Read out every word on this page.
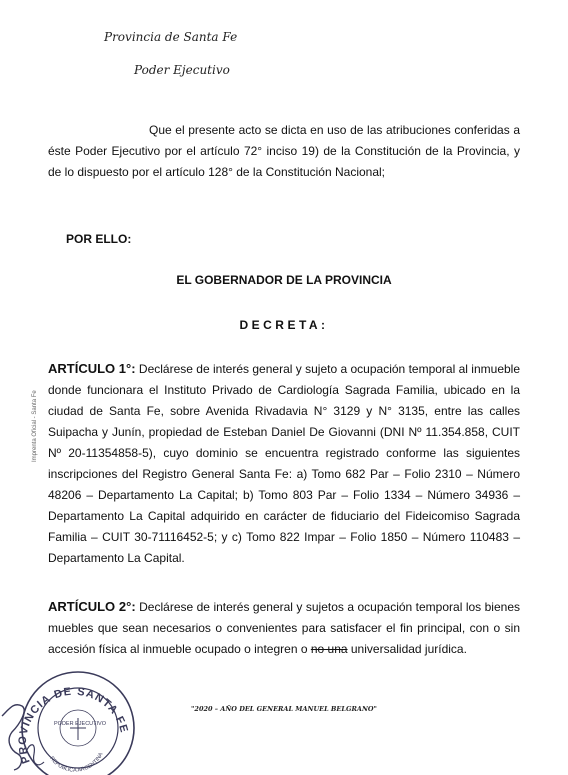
Provincia de Santa Fe
Poder Ejecutivo

Que el presente acto se dicta en uso de las atribuciones conferidas a éste Poder Ejecutivo por el artículo 72° inciso 19) de la Constitución de la Provincia, y de lo dispuesto por el artículo 128° de la Constitución Nacional;

POR ELLO:

EL GOBERNADOR DE LA PROVINCIA

DECRETA:

Imprenta Oficial - Santa Fe

ARTÍCULO 1°: Declárese de interés general y sujeto a ocupación temporal al inmueble donde funcionara el Instituto Privado de Cardiología Sagrada Familia, ubicado en la ciudad de Santa Fe, sobre Avenida Rivadavia N° 3129 y N° 3135, entre las calles Suipacha y Junín, propiedad de Esteban Daniel De Giovanni (DNI Nº 11.354.858, CUIT Nº 20-11354858-5), cuyo dominio se encuentra registrado conforme las siguientes inscripciones del Registro General Santa Fe: a) Tomo 682 Par – Folio 2310 – Número 48206 – Departamento La Capital; b) Tomo 803 Par – Folio 1334 – Número 34936 – Departamento La Capital adquirido en carácter de fiduciario del Fideicomiso Sagrada Familia – CUIT 30-71116452-5; y c) Tomo 822 Impar – Folio 1850 – Número 110483 – Departamento La Capital.

ARTÍCULO 2°: Declárese de interés general y sujetos a ocupación temporal los bienes muebles que sean necesarios o convenientes para satisfacer el fin principal, con o sin accesión física al inmueble ocupado o integren o no una universalidad jurídica.

"2020 – AÑO DEL GENERAL MANUEL BELGRANO"
PROVINCIA DE SANTA FE
PODER EJECUTIVO
REPUBLICA ARGENTINA
